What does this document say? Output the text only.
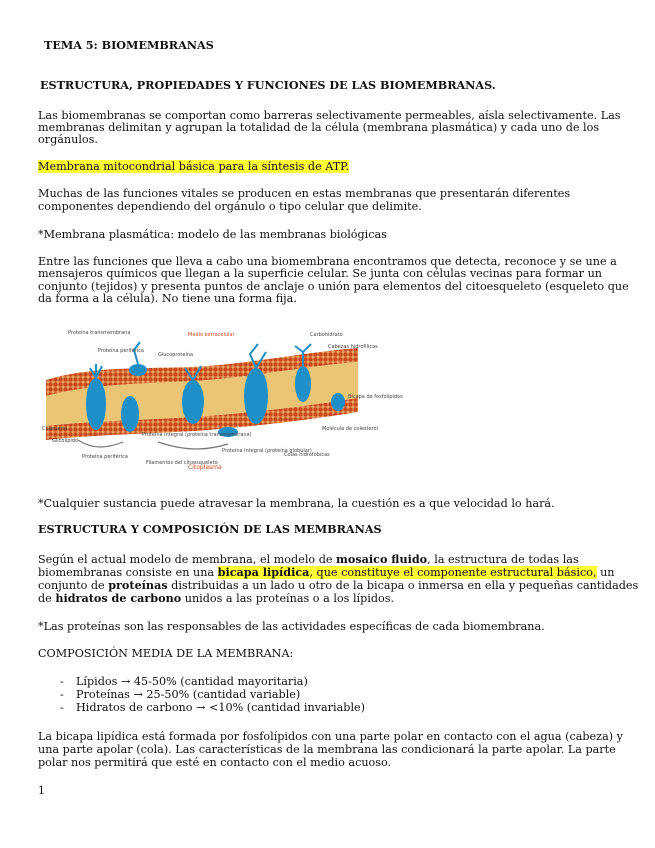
TEMA 5: BIOMEMBRANAS
ESTRUCTURA, PROPIEDADES Y FUNCIONES DE LAS BIOMEMBRANAS.
Las biomembranas se comportan como barreras selectivamente permeables, aísla selectivamente. Las
membranas delimitan y agrupan la totalidad de la célula (membrana plasmática) y cada uno de los
orgánulos.
Membrana mitocondrial básica para la síntesis de ATP.
Muchas de las funciones vitales se producen en estas membranas que presentarán diferentes
componentes dependiendo del orgánulo o tipo celular que delimite.
*Membrana plasmática: modelo de las membranas biológicas
Entre las funciones que lleva a cabo una biomembrana encontramos que detecta, reconoce y se une a
mensajeros químicos que llegan a la superficie celular. Se junta con células vecinas para formar un
conjunto (tejidos) y presenta puntos de anclaje o unión para elementos del citoesqueleto (esqueleto que
da forma a la célula). No tiene una forma fija.
Proteína transmembrana
Proteína periférica
Medio extracelular
Glucoproteína
Carbohidrato
Cabezas hidrofílicas
Bicapa de fosfolípidos
Molécula de colesterol
Colesterol
Glicolípido
Proteína periférica
Proteína integral (proteína transmembrana)
Filamentos del citoesqueleto
Proteína integral (proteína globular)
Colas hidrofóbicas
Citoplasma
*Cualquier sustancia puede atravesar la membrana, la cuestión es a que velocidad lo hará.
ESTRUCTURA Y COMPOSICIÓN DE LAS MEMBRANAS
Según el actual modelo de membrana, el modelo de mosaico fluido, la estructura de todas las
biomembranas consiste en una bicapa lipídica, que constituye el componente estructural básico, un
conjunto de proteínas distribuidas a un lado u otro de la bicapa o inmersa en ella y pequeñas cantidades
de hidratos de carbono unidos a las proteínas o a los lípidos.
*Las proteínas son las responsables de las actividades específicas de cada biomembrana.
COMPOSICIÓN MEDIA DE LA MEMBRANA:
- Lípidos → 45-50% (cantidad mayoritaria)
- Proteínas → 25-50% (cantidad variable)
- Hidratos de carbono → <10% (cantidad invariable)
La bicapa lipídica está formada por fosfolípidos con una parte polar en contacto con el agua (cabeza) y
una parte apolar (cola). Las características de la membrana las condicionará la parte apolar. La parte
polar nos permitirá que esté en contacto con el medio acuoso.
1
